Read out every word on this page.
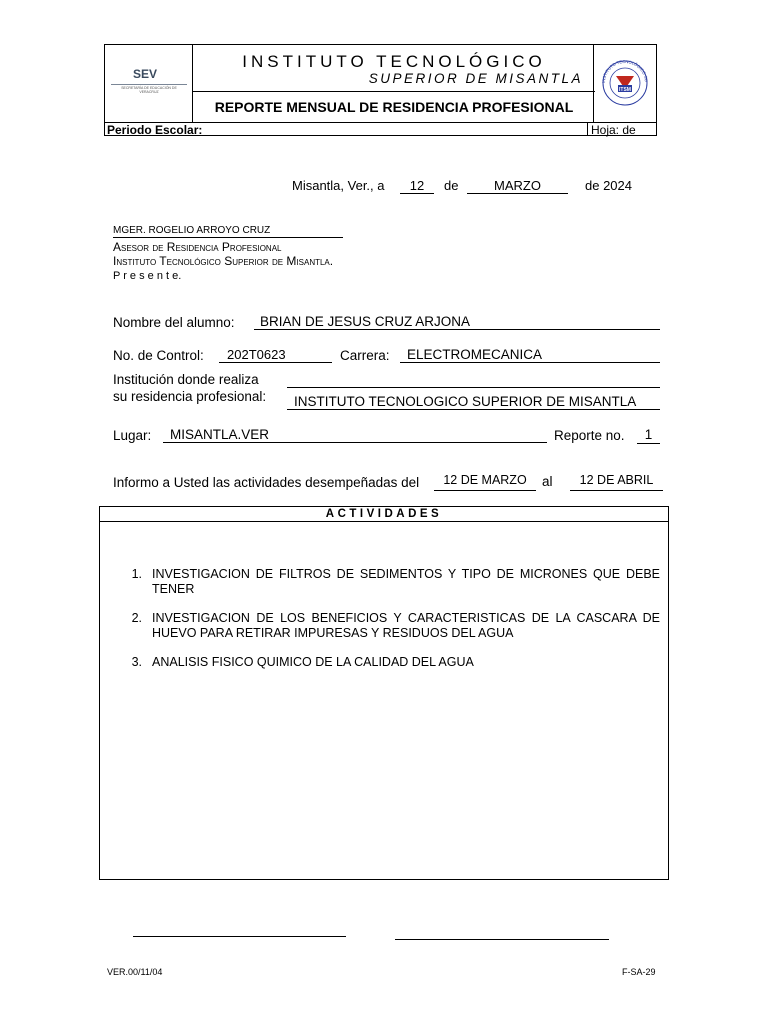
SEV
SECRETARÍA DE EDUCACIÓN DE VERACRUZ
INSTITUTO TECNOLÓGICO
SUPERIOR DE MISANTLA
REPORTE MENSUAL DE RESIDENCIA PROFESIONAL
INSTITUTO TECNOLÓGICO SU
ITSM
Periodo Escolar:	Hoja: de
Misantla, Ver., a	12	de	MARZO	de 2024
MGER. ROGELIO ARROYO CRUZ
Asesor de Residencia Profesional
Instituto Tecnológico Superior de Misantla.
P r e s e n t e.
Nombre del alumno:	BRIAN DE JESUS CRUZ ARJONA
No. de Control:	202T0623	Carrera:	ELECTROMECANICA
Institución donde realiza
su residencia profesional:	INSTITUTO TECNOLOGICO SUPERIOR DE MISANTLA
Lugar:	MISANTLA.VER	Reporte no.	1
Informo a Usted las actividades desempeñadas del	12 DE MARZO	al	12 DE ABRIL
ACTIVIDADES
1. INVESTIGACION DE FILTROS DE SEDIMENTOS Y TIPO DE MICRONES QUE DEBE TENER
2. INVESTIGACION DE LOS BENEFICIOS Y CARACTERISTICAS DE LA CASCARA DE HUEVO PARA RETIRAR IMPURESAS Y RESIDUOS DEL AGUA
3. ANALISIS FISICO QUIMICO DE LA CALIDAD DEL AGUA
VER.00/11/04	F-SA-29
